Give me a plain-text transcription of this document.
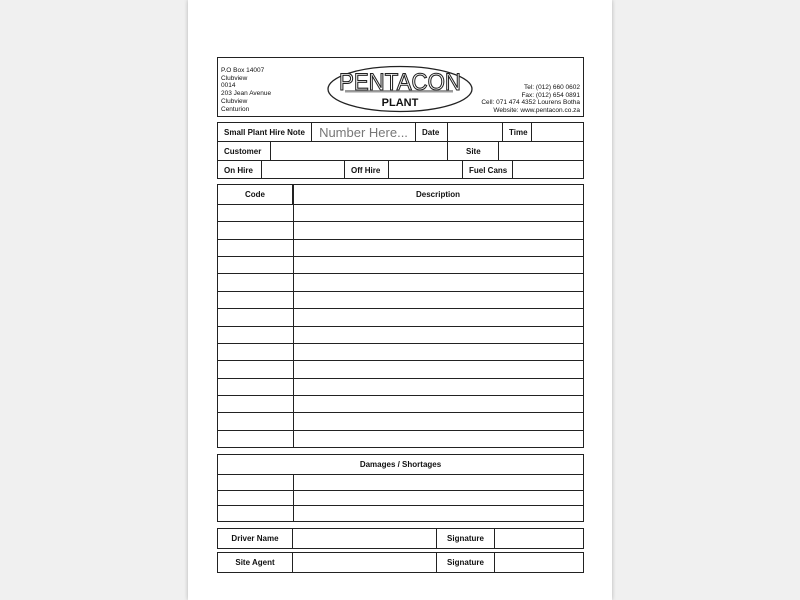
P.O Box 14007
Clubview
0014
203 Jean Avenue
Clubview
Centurion
PENTACON
PLANT
Tel: (012) 660 0602
Fax: (012) 654 0891
Cell: 071 474 4352 Lourens Botha
Website: www.pentacon.co.za
Small Plant Hire Note	Number Here...	Date	Time
Customer	Site
On Hire	Off Hire	Fuel Cans
Code	Description
Damages / Shortages
Driver Name	Signature
Site Agent	Signature
